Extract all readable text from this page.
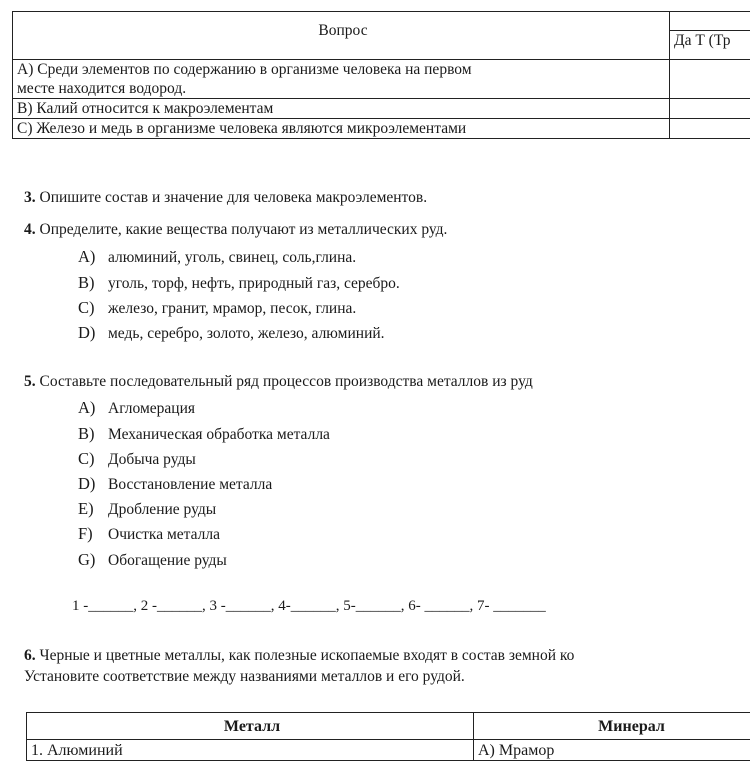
Вопрос	
	Да Т (Тр

А) Среди элементов по содержанию в организме человека на первом
месте находится водород.	

В) Калий относится к макроэлементам	
С) Железо и медь в организме человека являются микроэлементами	
3. Опишите состав и значение для человека макроэлементов.
4. Определите, какие вещества получают из металлических руд.
A) алюминий, уголь, свинец, соль,глина.
B) уголь, торф, нефть, природный газ, серебро.
C) железо, гранит, мрамор, песок, глина.
D) медь, серебро, золото, железо, алюминий.
5. Составьте последовательный ряд процессов производства металлов из руд
A) Агломерация
B) Механическая обработка металла
C) Добыча руды
D) Восстановление металла
E) Дробление руды
F) Очистка металла
G) Обогащение руды
1 -______, 2 -______, 3 -______, 4-______, 5-______, 6- ______, 7- _______
6. Черные и цветные металлы, как полезные ископаемые входят в состав земной ко
Установите соответствие между названиями металлов и его рудой.
Металл	Минерал
1. Алюминий	A) Мрамор
